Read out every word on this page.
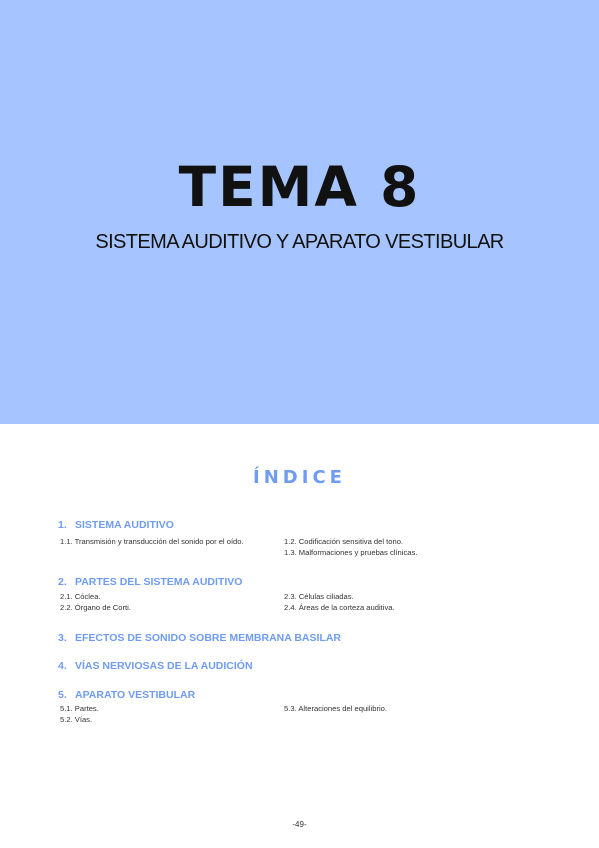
TEMA 8
SISTEMA AUDITIVO Y APARATO VESTIBULAR
ÍNDICE
1. SISTEMA AUDITIVO
1.1. Transmisión y transducción del sonido por el oído.	1.2. Codificación sensitiva del tono.
1.3. Malformaciones y pruebas clínicas.
2. PARTES DEL SISTEMA AUDITIVO
2.1. Cóclea.
2.2. Órgano de Corti.
2.3. Células ciliadas.
2.4. Áreas de la corteza auditiva.
3. EFECTOS DE SONIDO SOBRE MEMBRANA BASILAR
4. VÍAS NERVIOSAS DE LA AUDICIÓN
5. APARATO VESTIBULAR
5.1. Partes.
5.2. Vías.
5.3. Alteraciones del equilibrio.
-49-
